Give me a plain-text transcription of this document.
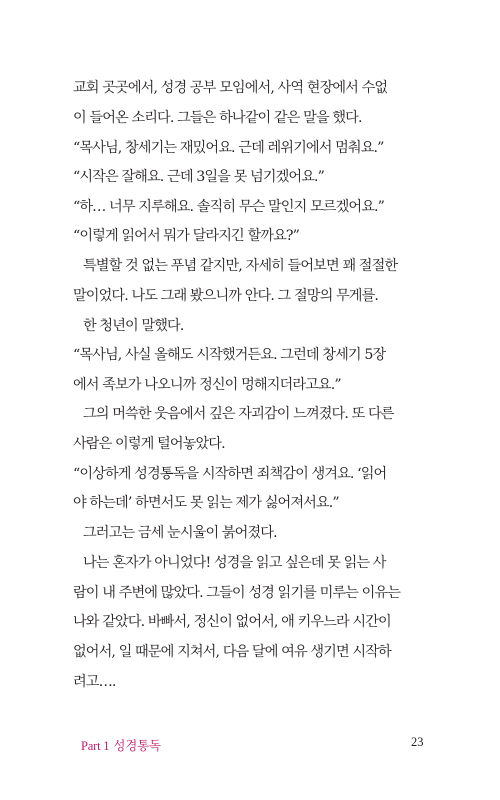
교회 곳곳에서, 성경 공부 모임에서, 사역 현장에서 수없
이 들어온 소리다. 그들은 하나같이 같은 말을 했다.
“목사님, 창세기는 재밌어요. 근데 레위기에서 멈춰요.”
“시작은 잘해요. 근데 3일을 못 넘기겠어요.”
“하… 너무 지루해요. 솔직히 무슨 말인지 모르겠어요.”
“이렇게 읽어서 뭐가 달라지긴 할까요?”
특별할 것 없는 푸념 같지만, 자세히 들어보면 꽤 절절한
말이었다. 나도 그래 봤으니까 안다. 그 절망의 무게를.
한 청년이 말했다.
“목사님, 사실 올해도 시작했거든요. 그런데 창세기 5장
에서 족보가 나오니까 정신이 멍해지더라고요.”
그의 머쓱한 웃음에서 깊은 자괴감이 느껴졌다. 또 다른
사람은 이렇게 털어놓았다.
“이상하게 성경통독을 시작하면 죄책감이 생겨요. ‘읽어
야 하는데’ 하면서도 못 읽는 제가 싫어져서요.”
그러고는 금세 눈시울이 붉어졌다.
나는 혼자가 아니었다! 성경을 읽고 싶은데 못 읽는 사
람이 내 주변에 많았다. 그들이 성경 읽기를 미루는 이유는
나와 같았다. 바빠서, 정신이 없어서, 애 키우느라 시간이
없어서, 일 때문에 지쳐서, 다음 달에 여유 생기면 시작하
려고….
Part 1 성경통독	23
